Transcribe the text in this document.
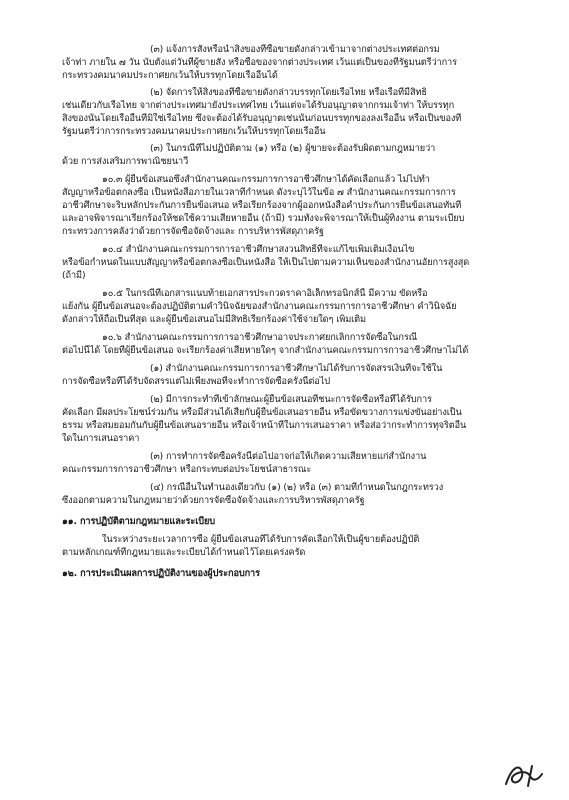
(๓) แจ้งการสั่งหรือนำสิ่งของที่ซื้อขายดังกล่าวเข้ามาจากต่างประเทศต่อกรม
เจ้าท่า ภายใน ๗ วัน นับตั้งแต่วันที่ผู้ขายสั่ง หรือซื้อของจากต่างประเทศ เว้นแต่เป็นของที่รัฐมนตรีว่าการ
กระทรวงคมนาคมประกาศยกเว้นให้บรรทุกโดยเรืออื่นได้
(๒) จัดการให้สิ่งของที่ซื้อขายดังกล่าวบรรทุกโดยเรือไทย หรือเรือที่มีสิทธิ
เช่นเดียวกับเรือไทย จากต่างประเทศมายังประเทศไทย เว้นแต่จะได้รับอนุญาตจากกรมเจ้าท่า ให้บรรทุก
สิ่งของนั้นโดยเรืออื่นที่มิใช่เรือไทย ซึ่งจะต้องได้รับอนุญาตเช่นนั้นก่อนบรรทุกของลงเรืออื่น หรือเป็นของที่
รัฐมนตรีว่าการกระทรวงคมนาคมประกาศยกเว้นให้บรรทุกโดยเรืออื่น
(๓) ในกรณีที่ไม่ปฏิบัติตาม (๑) หรือ (๒) ผู้ขายจะต้องรับผิดตามกฎหมายว่า
ด้วย การส่งเสริมการพาณิชยนาวี
๑๐.๓ ผู้ยื่นข้อเสนอซึ่งสำนักงานคณะกรรมการการอาชีวศึกษาได้คัดเลือกแล้ว ไม่ไปทำ
สัญญาหรือข้อตกลงซื้อ เป็นหนังสือภายในเวลาที่กำหนด ดังระบุไว้ในข้อ ๗ สำนักงานคณะกรรมการการ
อาชีวศึกษาจะริบหลักประกันการยื่นข้อเสนอ หรือเรียกร้องจากผู้ออกหนังสือค้ำประกันการยื่นข้อเสนอทันที
และอาจพิจารณาเรียกร้องให้ชดใช้ความเสียหายอื่น (ถ้ามี) รวมทั้งจะพิจารณาให้เป็นผู้ทิ้งงาน ตามระเบียบ
กระทรวงการคลังว่าด้วยการจัดซื้อจัดจ้างและ การบริหารพัสดุภาครัฐ
๑๐.๔ สำนักงานคณะกรรมการการอาชีวศึกษาสงวนสิทธิ์ที่จะแก้ไขเพิ่มเติมเงื่อนไข
หรือข้อกำหนดในแบบสัญญาหรือข้อตกลงซื้อเป็นหนังสือ ให้เป็นไปตามความเห็นของสำนักงานอัยการสูงสุด
(ถ้ามี)
๑๐.๕ ในกรณีที่เอกสารแนบท้ายเอกสารประกวดราคาอิเล็กทรอนิกส์นี้ มีความ ขัดหรือ
แย้งกัน ผู้ยื่นข้อเสนอจะต้องปฏิบัติตามคำวินิจฉัยของสำนักงานคณะกรรมการการอาชีวศึกษา คำวินิจฉัย
ดังกล่าวให้ถือเป็นที่สุด และผู้ยื่นข้อเสนอไม่มีสิทธิเรียกร้องค่าใช้จ่ายใดๆ เพิ่มเติม
๑๐.๖ สำนักงานคณะกรรมการการอาชีวศึกษาอาจประกาศยกเลิกการจัดซื้อในกรณี
ต่อไปนี้ได้ โดยที่ผู้ยื่นข้อเสนอ จะเรียกร้องค่าเสียหายใดๆ จากสำนักงานคณะกรรมการการอาชีวศึกษาไม่ได้
(๑) สำนักงานคณะกรรมการการอาชีวศึกษาไม่ได้รับการจัดสรรเงินที่จะใช้ใน
การจัดซื้อหรือที่ได้รับจัดสรรแต่ไม่เพียงพอที่จะทำการจัดซื้อครั้งนี้ต่อไป
(๒) มีการกระทำที่เข้าลักษณะผู้ยื่นข้อเสนอที่ชนะการจัดซื้อหรือที่ได้รับการ
คัดเลือก มีผลประโยชน์ร่วมกัน หรือมีส่วนได้เสียกับผู้ยื่นข้อเสนอรายอื่น หรือขัดขวางการแข่งขันอย่างเป็น
ธรรม หรือสมยอมกันกับผู้ยื่นข้อเสนอรายอื่น หรือเจ้าหน้าที่ในการเสนอราคา หรือส่อว่ากระทำการทุจริตอื่น
ใดในการเสนอราคา
(๓) การทำการจัดซื้อครั้งนี้ต่อไปอาจก่อให้เกิดความเสียหายแก่สำนักงาน
คณะกรรมการการอาชีวศึกษา หรือกระทบต่อประโยชน์สาธารณะ
(๔) กรณีอื่นในทำนองเดียวกับ (๑) (๒) หรือ (๓) ตามที่กำหนดในกฎกระทรวง
ซึ่งออกตามความในกฎหมายว่าด้วยการจัดซื้อจัดจ้างและการบริหารพัสดุภาครัฐ
๑๑. การปฏิบัติตามกฎหมายและระเบียบ
ในระหว่างระยะเวลาการซื้อ ผู้ยื่นข้อเสนอที่ได้รับการคัดเลือกให้เป็นผู้ขายต้องปฏิบัติ
ตามหลักเกณฑ์ที่กฎหมายและระเบียบได้กำหนดไว้โดยเคร่งครัด
๑๒. การประเมินผลการปฏิบัติงานของผู้ประกอบการ
